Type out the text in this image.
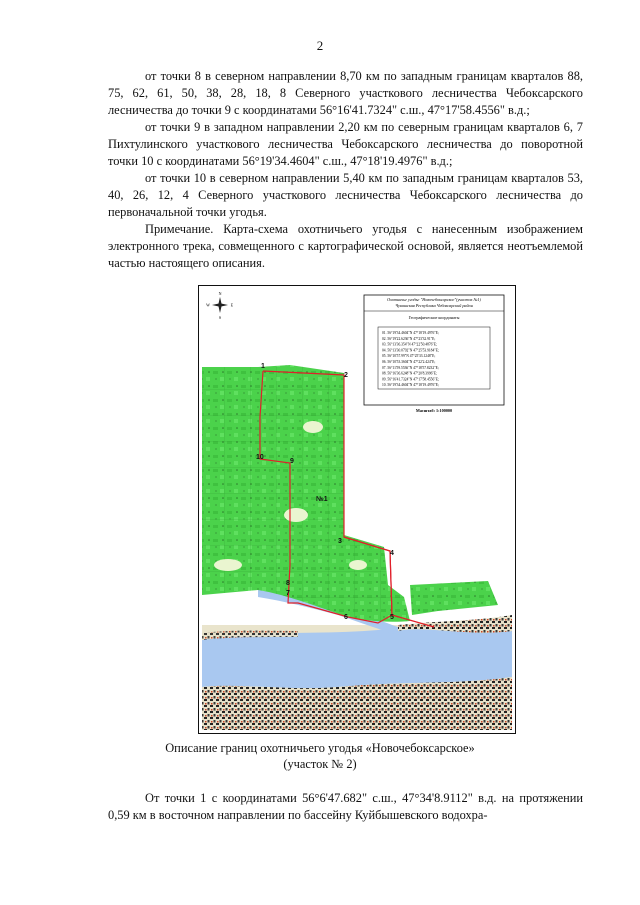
2

от точки 8 в северном направлении 8,70 км по западным границам кварталов 88, 75, 62, 61, 50, 38, 28, 18, 8 Северного участкового лесничества Чебоксарского лесничества до точки 9 с координатами 56°16'41.7324" с.ш., 47°17'58.4556" в.д.;

от точки 9 в западном направлении 2,20 км по северным границам кварталов 6, 7 Пихтулинского участкового лесничества Чебоксарского лесничества до поворотной точки 10 с координатами 56°19'34.4604" с.ш., 47°18'19.4976" в.д.;

от точки 10 в северном направлении 5,40 км по западным границам кварталов 53, 40, 26, 12, 4 Северного участкового лесничества Чебоксарского лесничества до первоначальной точки угодья.

Примечание. Карта-схема охотничьего угодья с нанесенным изображением электронного трека, совмещенного с картографической основой, является неотъемлемой частью настоящего описания.

N
S
W	E
Охотничье угодье "Новочебоксарское"(участок №1)
Чувашская Республика Чебоксарский район
Географические координаты
01. 56°19'34.4604"N 47°18'19.4976"E;
02. 56°19'22.6236"N 47°23'32.91"E;
03. 56°13'36.354"N 47°22'50.4876"E;
04. 56°13'30.0792"N 47°25'53.9184"E;
05. 56°10'57.99"N 47°25'33.1248"E;
06. 56°10'53.3604"N 47°22'2.424"E;
07. 56°11'59.5536"N 47°18'57.8232"E;
08. 56°16'36.6248"N 47°20'8.3996"E;
09. 56°16'41.7324"N 47°17'58.4556"E;
10. 56°19'34.4604"N 47°18'19.4976"E;
Масштаб: 1:100000
1
2
3
4
5
6
7
8
9
10
№1
Описание границ охотничьего угодья «Новочебоксарское»
(участок № 2)

От точки 1 с координатами 56°6'47.682" с.ш., 47°34'8.9112" в.д. на протяжении 0,59 км в восточном направлении по бассейну Куйбышевского водохра-
